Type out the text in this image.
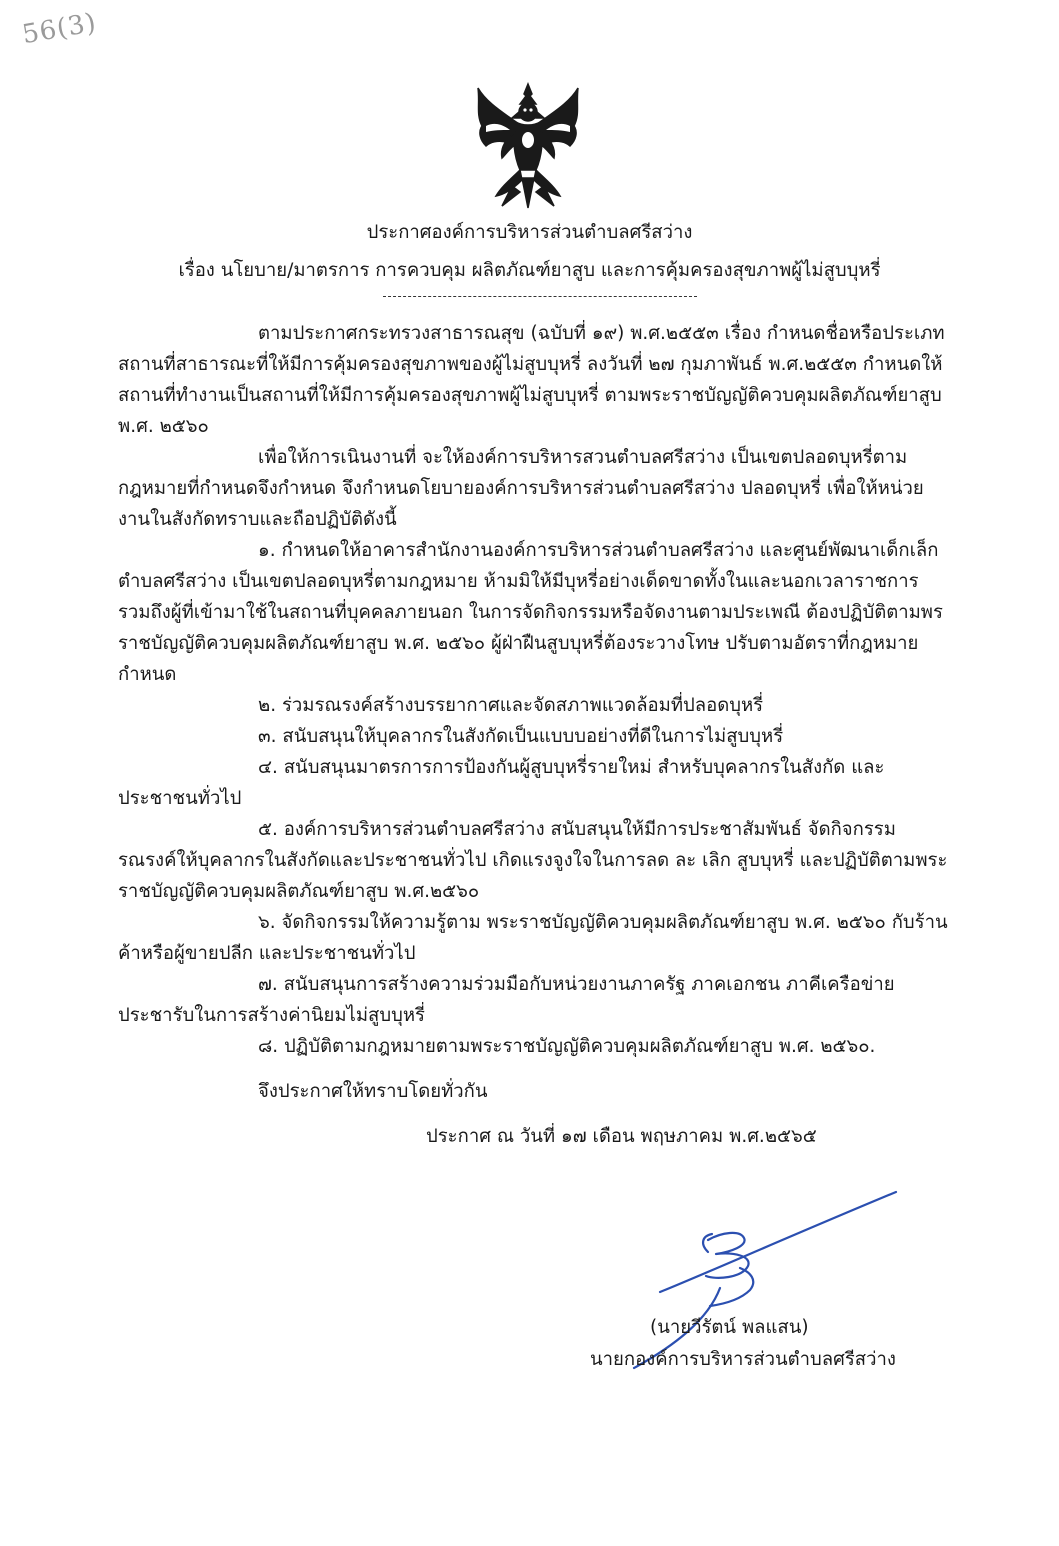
56(3)
ประกาศองค์การบริหารส่วนตำบลศรีสว่าง
เรื่อง นโยบาย/มาตรการ การควบคุม ผลิตภัณฑ์ยาสูบ และการคุ้มครองสุขภาพผู้ไม่สูบบุหรี่

ตามประกาศกระทรวงสาธารณสุข (ฉบับที่ ๑๙) พ.ศ.๒๕๕๓ เรื่อง กำหนดชื่อหรือประเภทสถานที่สาธารณะที่ให้มีการคุ้มครองสุขภาพของผู้ไม่สูบบุหรี่ ลงวันที่ ๒๗ กุมภาพันธ์ พ.ศ.๒๕๕๓ กำหนดให้สถานที่ทำงานเป็นสถานที่ให้มีการคุ้มครองสุขภาพผู้ไม่สูบบุหรี่ ตามพระราชบัญญัติควบคุมผลิตภัณฑ์ยาสูบ พ.ศ. ๒๕๖๐

เพื่อให้การเนินงานที่ จะให้องค์การบริหารสวนตำบลศรีสว่าง เป็นเขตปลอดบุหรี่ตามกฎหมายที่กำหนดจึงกำหนด จึงกำหนดโยบายองค์การบริหารส่วนตำบลศรีสว่าง ปลอดบุหรี่ เพื่อให้หน่วยงานในสังกัดทราบและถือปฏิบัติดังนี้

๑. กำหนดให้อาคารสำนักงานองค์การบริหารส่วนตำบลศรีสว่าง และศูนย์พัฒนาเด็กเล็กตำบลศรีสว่าง เป็นเขตปลอดบุหรี่ตามกฎหมาย ห้ามมิให้มีบุหรี่อย่างเด็ดขาดทั้งในและนอกเวลาราชการ รวมถึงผู้ที่เข้ามาใช้ในสถานที่บุคคลภายนอก ในการจัดกิจกรรมหรือจัดงานตามประเพณี ต้องปฏิบัติตามพรราชบัญญัติควบคุมผลิตภัณฑ์ยาสูบ พ.ศ. ๒๕๖๐ ผู้ฝ่าฝืนสูบบุหรี่ต้องระวางโทษ ปรับตามอัตราที่กฎหมายกำหนด

๒. ร่วมรณรงค์สร้างบรรยากาศและจัดสภาพแวดล้อมที่ปลอดบุหรี่

๓. สนับสนุนให้บุคลากรในสังกัดเป็นแบบบอย่างที่ดีในการไม่สูบบุหรี่

๔. สนับสนุนมาตรการการป้องกันผู้สูบบุหรี่รายใหม่ สำหรับบุคลากรในสังกัด และประชาชนทั่วไป

๕. องค์การบริหารส่วนตำบลศรีสว่าง สนับสนุนให้มีการประชาสัมพันธ์ จัดกิจกรรมรณรงค์ให้บุคลากรในสังกัดและประชาชนทั่วไป เกิดแรงจูงใจในการลด ละ เลิก สูบบุหรี่ และปฏิบัติตามพระราชบัญญัติควบคุมผลิตภัณฑ์ยาสูบ พ.ศ.๒๕๖๐

๖. จัดกิจกรรมให้ความรู้ตาม พระราชบัญญัติควบคุมผลิตภัณฑ์ยาสูบ พ.ศ. ๒๕๖๐ กับร้านค้าหรือผู้ขายปลีก และประชาชนทั่วไป

๗. สนับสนุนการสร้างความร่วมมือกับหน่วยงานภาครัฐ ภาคเอกชน ภาคีเครือข่ายประชารับในการสร้างค่านิยมไม่สูบบุหรี่

๘. ปฏิบัติตามกฎหมายตามพระราชบัญญัติควบคุมผลิตภัณฑ์ยาสูบ พ.ศ. ๒๕๖๐.

จึงประกาศให้ทราบโดยทั่วกัน

ประกาศ ณ วันที่ ๑๗ เดือน พฤษภาคม พ.ศ.๒๕๖๕

(นายวีรัตน์ พลแสน)
นายกองค์การบริหารส่วนตำบลศรีสว่าง
